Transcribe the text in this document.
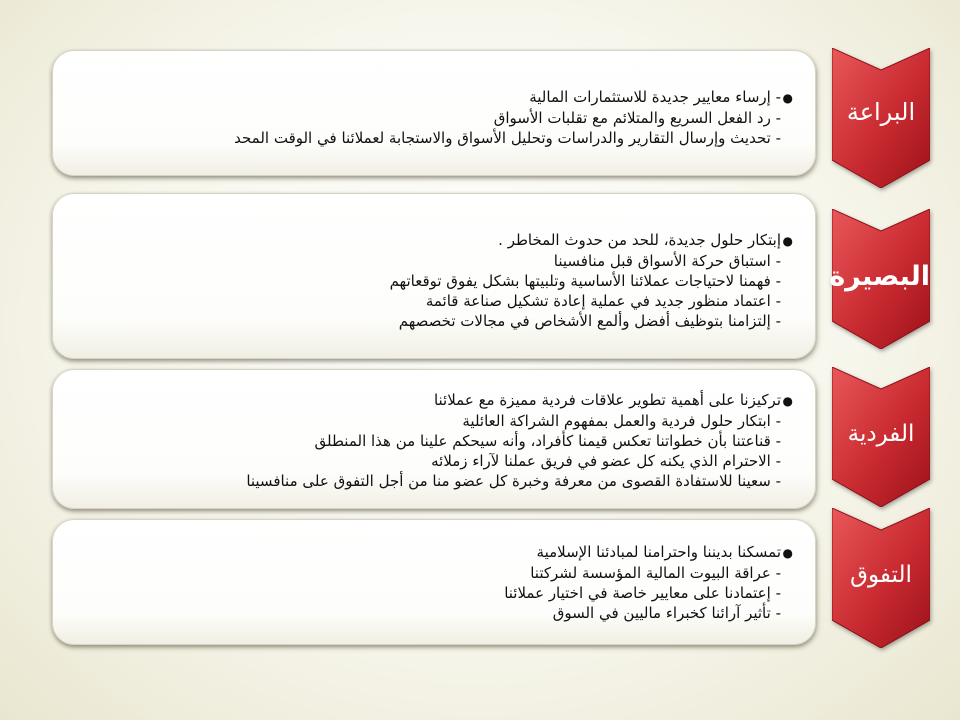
●- إرساء معايير جديدة للاستثمارات المالية
- رد الفعل السريع والمتلائم مع تقلبات الأسواق
- تحديث وإرسال التقارير والدراسات وتحليل الأسواق والاستجابة لعملائنا في الوقت المحد
البراعة
●إبتكار حلول جديدة، للحد من حدوث المخاطر .
- استباق حركة الأسواق قبل منافسينا
- فهمنا لاحتياجات عملائنا الأساسية وتلبيتها بشكل يفوق توقعاتهم
- اعتماد منظور جديد في عملية إعادة تشكيل صناعة قائمة
- إلتزامنا بتوظيف أفضل وألمع الأشخاص في مجالات تخصصهم
البصيرة
●تركيزنا على أهمية تطوير علاقات فردية مميزة مع عملائنا
- ابتكار حلول فردية والعمل بمفهوم الشراكة العائلية
- قناعتنا بأن خطواتنا تعكس قيمنا كأفراد، وأنه سيحكم علينا من هذا المنطلق
- الاحترام الذي يكنه كل عضو في فريق عملنا لآراء زملائه
- سعينا للاستفادة القصوى من معرفة وخبرة كل عضو منا من أجل التفوق على منافسينا
الفردية
●تمسكنا بديننا واحترامنا لمبادئنا الإسلامية
- عراقة البيوت المالية المؤسسة لشركتنا
- إعتمادنا على معايير خاصة في اختيار عملائنا
- تأثير آرائنا كخبراء ماليين في السوق
التفوق
